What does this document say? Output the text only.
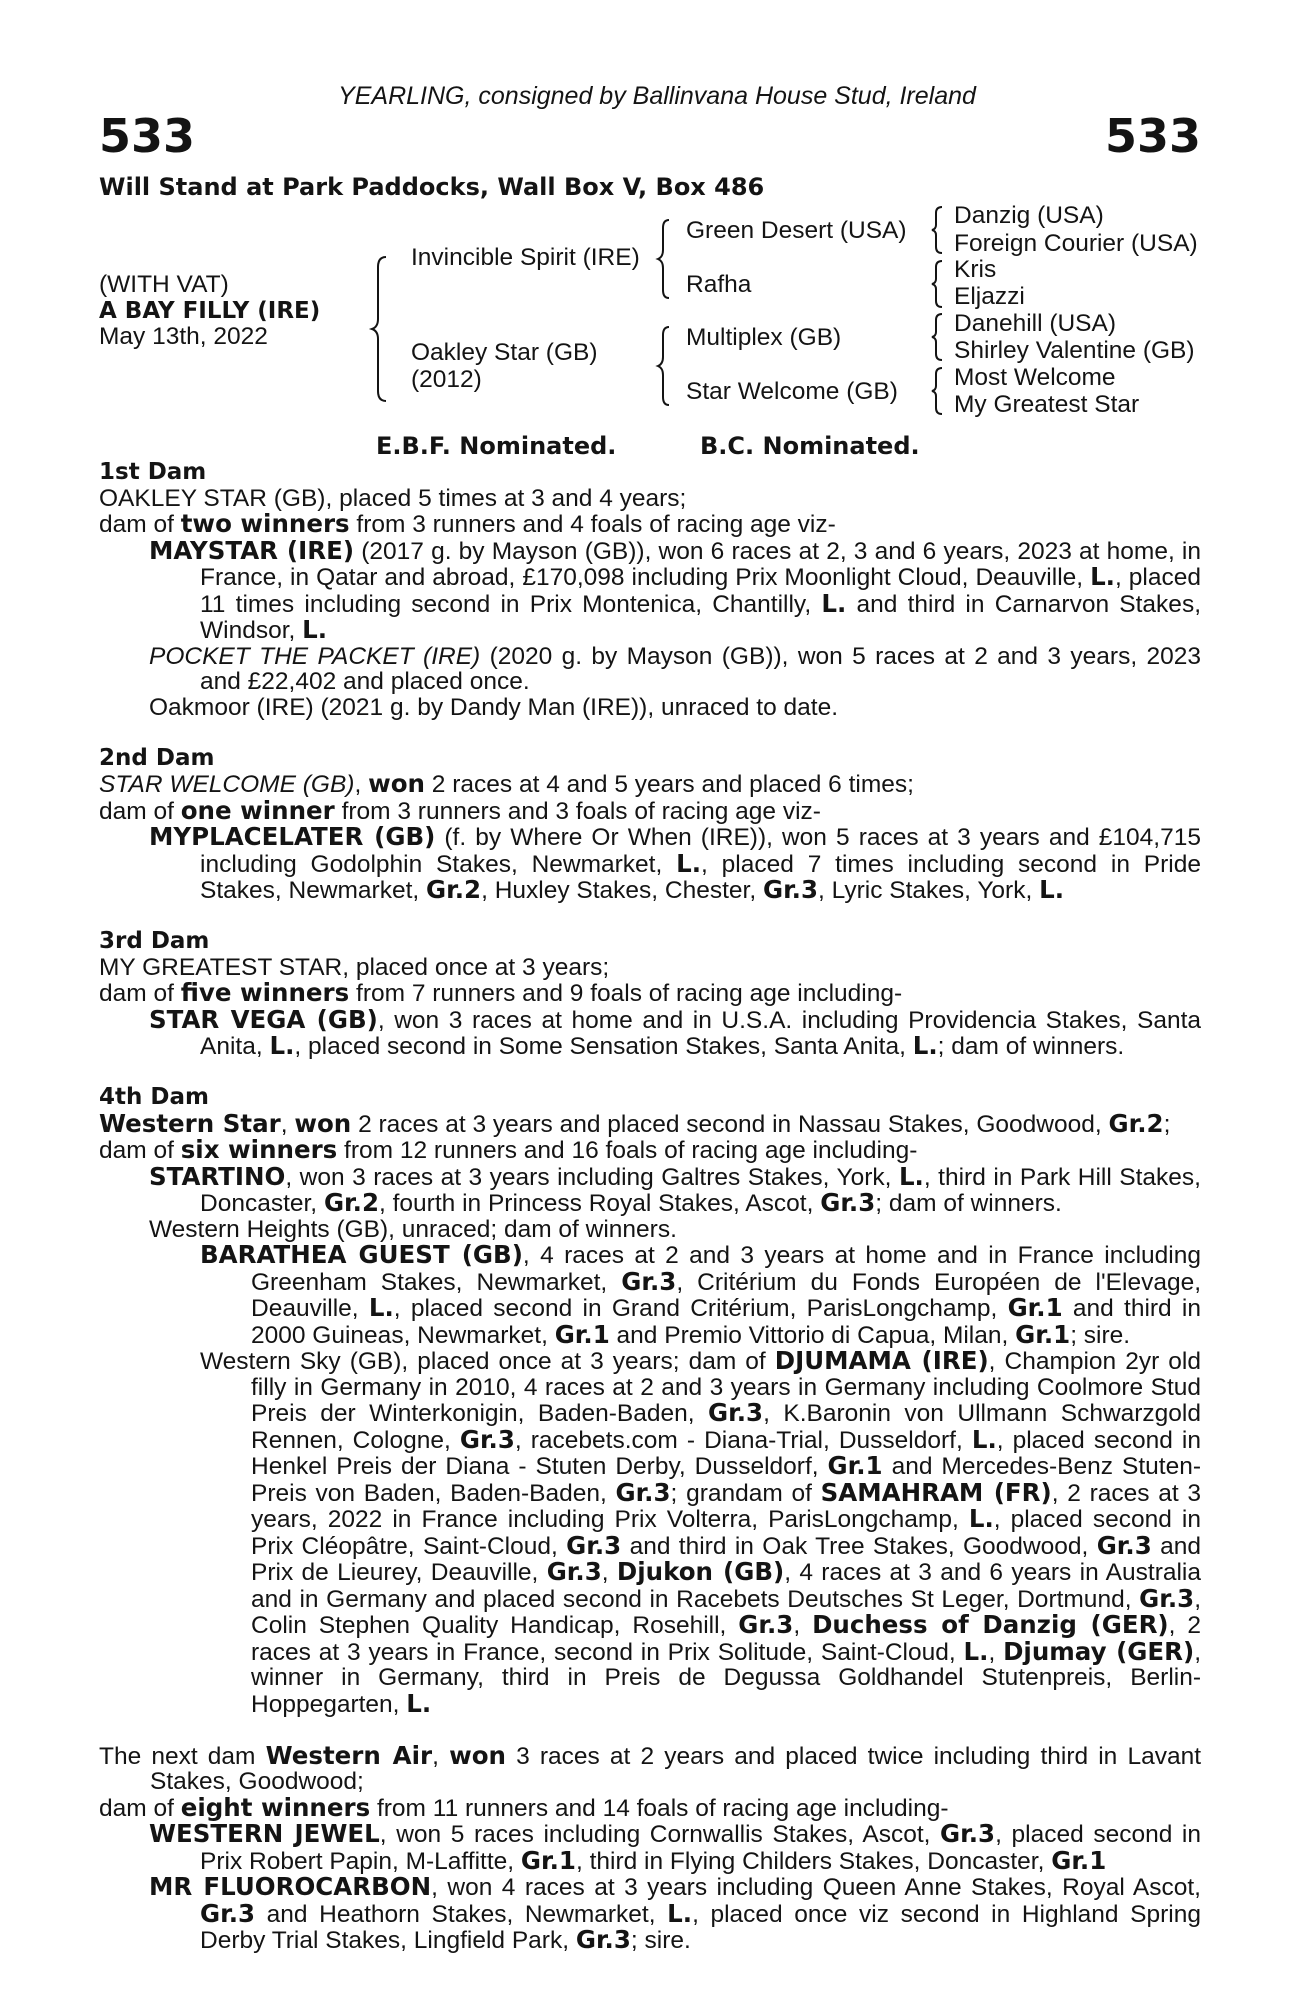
YEARLING, consigned by Ballinvana House Stud, Ireland
533	533
Will Stand at Park Paddocks, Wall Box V, Box 486
(WITH VAT)
A BAY FILLY (IRE)
May 13th, 2022
Invincible Spirit (IRE)
Oakley Star (GB)
(2012)
Green Desert (USA)
Rafha
Multiplex (GB)
Star Welcome (GB)
Danzig (USA)
Foreign Courier (USA)
Kris
Eljazzi
Danehill (USA)
Shirley Valentine (GB)
Most Welcome
My Greatest Star
E.B.F. Nominated.	B.C. Nominated.

1st Dam

OAKLEY STAR (GB), placed 5 times at 3 and 4 years;

dam of two winners from 3 runners and 4 foals of racing age viz-

MAYSTAR (IRE) (2017 g. by Mayson (GB)), won 6 races at 2, 3 and 6 years, 2023 at home, in France, in Qatar and abroad, £170,098 including Prix Moonlight Cloud, Deauville, L., placed 11 times including second in Prix Montenica, Chantilly, L. and third in Carnarvon Stakes, Windsor, L.

POCKET THE PACKET (IRE) (2020 g. by Mayson (GB)), won 5 races at 2 and 3 years, 2023 and £22,402 and placed once.

Oakmoor (IRE) (2021 g. by Dandy Man (IRE)), unraced to date.

2nd Dam

STAR WELCOME (GB), won 2 races at 4 and 5 years and placed 6 times;

dam of one winner from 3 runners and 3 foals of racing age viz-

MYPLACELATER (GB) (f. by Where Or When (IRE)), won 5 races at 3 years and £104,715 including Godolphin Stakes, Newmarket, L., placed 7 times including second in Pride Stakes, Newmarket, Gr.2, Huxley Stakes, Chester, Gr.3, Lyric Stakes, York, L.

3rd Dam

MY GREATEST STAR, placed once at 3 years;

dam of five winners from 7 runners and 9 foals of racing age including-

STAR VEGA (GB), won 3 races at home and in U.S.A. including Providencia Stakes, Santa Anita, L., placed second in Some Sensation Stakes, Santa Anita, L.; dam of winners.

4th Dam

Western Star, won 2 races at 3 years and placed second in Nassau Stakes, Goodwood, Gr.2;

dam of six winners from 12 runners and 16 foals of racing age including-

STARTINO, won 3 races at 3 years including Galtres Stakes, York, L., third in Park Hill Stakes, Doncaster, Gr.2, fourth in Princess Royal Stakes, Ascot, Gr.3; dam of winners.

Western Heights (GB), unraced; dam of winners.

BARATHEA GUEST (GB), 4 races at 2 and 3 years at home and in France including Greenham Stakes, Newmarket, Gr.3, Critérium du Fonds Européen de l'Elevage, Deauville, L., placed second in Grand Critérium, ParisLongchamp, Gr.1 and third in 2000 Guineas, Newmarket, Gr.1 and Premio Vittorio di Capua, Milan, Gr.1; sire.

Western Sky (GB), placed once at 3 years; dam of DJUMAMA (IRE), Champion 2yr old filly in Germany in 2010, 4 races at 2 and 3 years in Germany including Coolmore Stud Preis der Winterkonigin, Baden-Baden, Gr.3, K.Baronin von Ullmann Schwarzgold Rennen, Cologne, Gr.3, racebets.com - Diana-Trial, Dusseldorf, L., placed second in Henkel Preis der Diana - Stuten Derby, Dusseldorf, Gr.1 and Mercedes-Benz Stuten-Preis von Baden, Baden-Baden, Gr.3; grandam of SAMAHRAM (FR), 2 races at 3 years, 2022 in France including Prix Volterra, ParisLongchamp, L., placed second in Prix Cléopâtre, Saint-Cloud, Gr.3 and third in Oak Tree Stakes, Goodwood, Gr.3 and Prix de Lieurey, Deauville, Gr.3, Djukon (GB), 4 races at 3 and 6 years in Australia and in Germany and placed second in Racebets Deutsches St Leger, Dortmund, Gr.3, Colin Stephen Quality Handicap, Rosehill, Gr.3, Duchess of Danzig (GER), 2 races at 3 years in France, second in Prix Solitude, Saint-Cloud, L., Djumay (GER), winner in Germany, third in Preis de Degussa Goldhandel Stutenpreis, Berlin-Hoppegarten, L.

The next dam Western Air, won 3 races at 2 years and placed twice including third in Lavant Stakes, Goodwood;

dam of eight winners from 11 runners and 14 foals of racing age including-

WESTERN JEWEL, won 5 races including Cornwallis Stakes, Ascot, Gr.3, placed second in Prix Robert Papin, M-Laffitte, Gr.1, third in Flying Childers Stakes, Doncaster, Gr.1

MR FLUOROCARBON, won 4 races at 3 years including Queen Anne Stakes, Royal Ascot, Gr.3 and Heathorn Stakes, Newmarket, L., placed once viz second in Highland Spring Derby Trial Stakes, Lingfield Park, Gr.3; sire.
